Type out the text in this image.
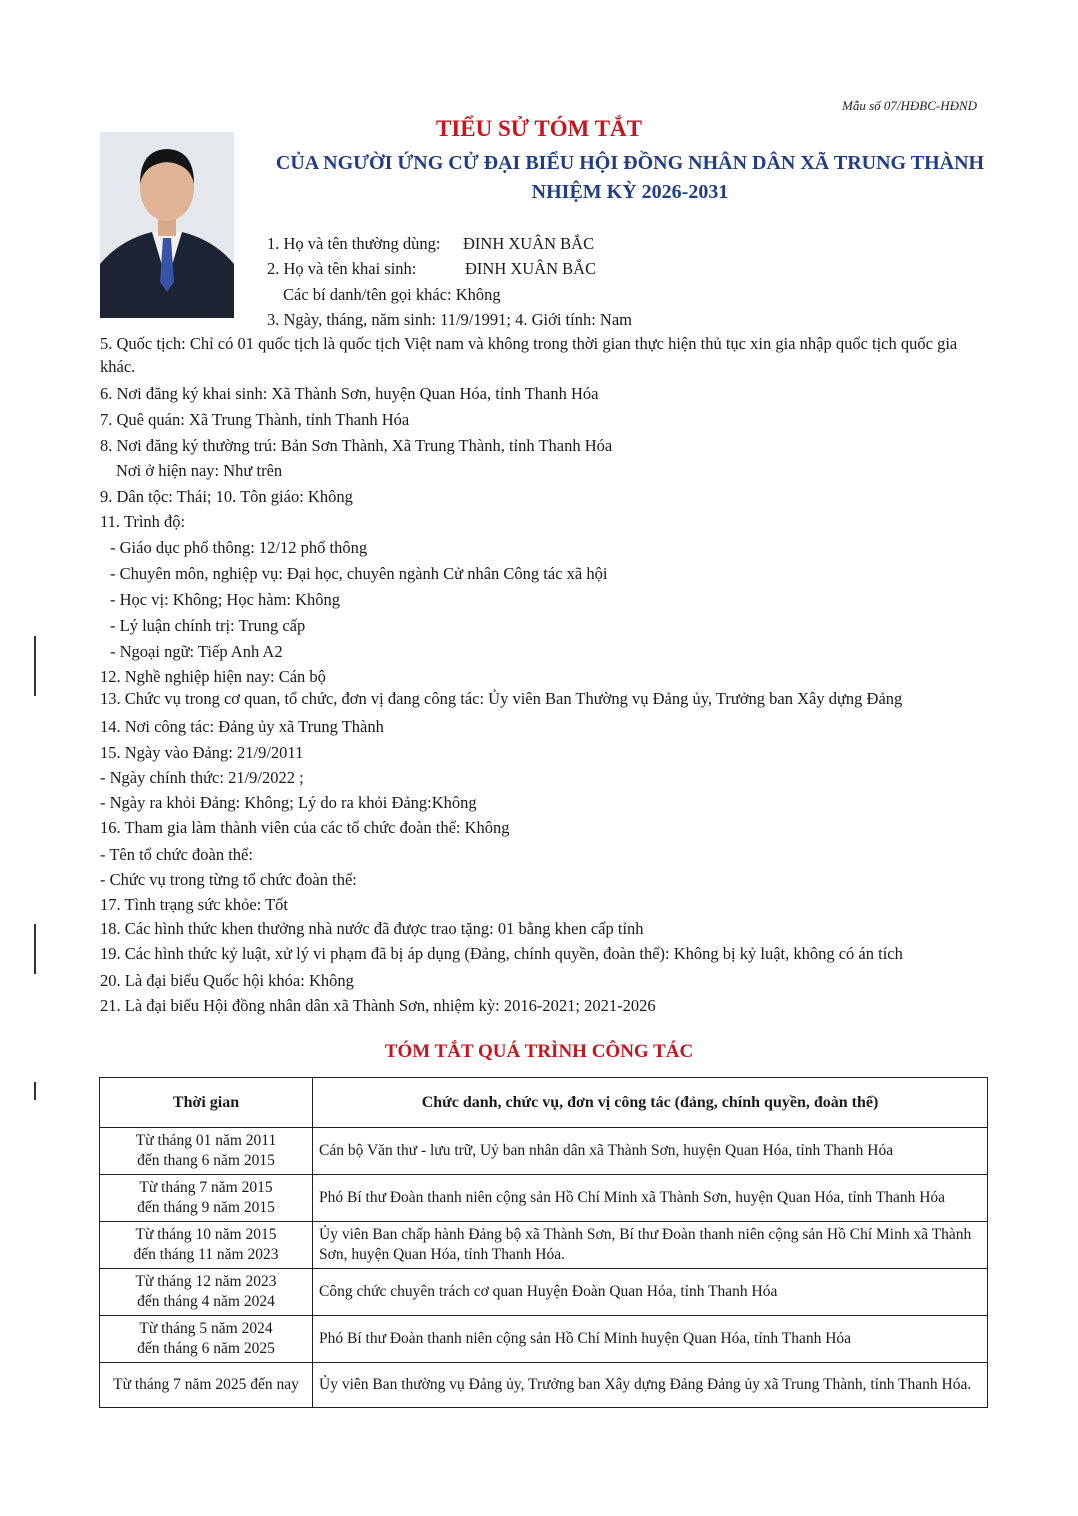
Mẫu số 07/HĐBC-HĐND
TIỂU SỬ TÓM TẮT
CỦA NGƯỜI ỨNG CỬ ĐẠI BIỂU HỘI ĐỒNG NHÂN DÂN XÃ TRUNG THÀNH
NHIỆM KỲ 2026-2031
1. Họ và tên thường dùng: ĐINH XUÂN BẮC
2. Họ và tên khai sinh:	ĐINH XUÂN BẮC
Các bí danh/tên gọi khác: Không
3. Ngày, tháng, năm sinh: 11/9/1991; 4. Giới tính: Nam
5. Quốc tịch: Chỉ có 01 quốc tịch là quốc tịch Việt nam và không trong thời gian thực hiện thủ tục xin gia nhập quốc tịch quốc gia khác.
6. Nơi đăng ký khai sinh: Xã Thành Sơn, huyện Quan Hóa, tỉnh Thanh Hóa
7. Quê quán: Xã Trung Thành, tỉnh Thanh Hóa
8. Nơi đăng ký thường trú: Bản Sơn Thành, Xã Trung Thành, tỉnh Thanh Hóa
Nơi ở hiện nay: Như trên
9. Dân tộc: Thái; 10. Tôn giáo: Không
11. Trình độ:
- Giáo dục phổ thông: 12/12 phổ thông
- Chuyên môn, nghiệp vụ: Đại học, chuyên ngành Cử nhân Công tác xã hội
- Học vị: Không; Học hàm: Không
- Lý luận chính trị: Trung cấp
- Ngoại ngữ: Tiếp Anh A2
12. Nghề nghiệp hiện nay: Cán bộ
13. Chức vụ trong cơ quan, tổ chức, đơn vị đang công tác: Ủy viên Ban Thường vụ Đảng ủy, Trưởng ban Xây dựng Đảng
14. Nơi công tác: Đảng ủy xã Trung Thành
15. Ngày vào Đảng: 21/9/2011
- Ngày chính thức: 21/9/2022 ;
- Ngày ra khỏi Đảng: Không; Lý do ra khỏi Đảng:Không
16. Tham gia làm thành viên của các tổ chức đoàn thể: Không
- Tên tổ chức đoàn thể:
- Chức vụ trong từng tổ chức đoàn thể:
17. Tình trạng sức khỏe: Tốt
18. Các hình thức khen thưởng nhà nước đã được trao tặng: 01 bằng khen cấp tỉnh
19. Các hình thức kỷ luật, xử lý vi phạm đã bị áp dụng (Đảng, chính quyền, đoàn thể): Không bị kỷ luật, không có án tích
20. Là đại biểu Quốc hội khóa: Không
21. Là đại biểu Hội đồng nhân dân xã Thành Sơn, nhiệm kỳ: 2016-2021; 2021-2026
TÓM TẮT QUÁ TRÌNH CÔNG TÁC
Thời gian	Chức danh, chức vụ, đơn vị công tác (đảng, chính quyền, đoàn thể)

Từ tháng 01 năm 2011
đến thang 6 năm 2015	Cán bộ Văn thư - lưu trữ, Uỷ ban nhân dân xã Thành Sơn, huyện Quan Hóa, tỉnh Thanh Hóa

Từ tháng 7 năm 2015
đến tháng 9 năm 2015	Phó Bí thư Đoàn thanh niên cộng sản Hồ Chí Minh xã Thành Sơn, huyện Quan Hóa, tỉnh Thanh Hóa

Từ tháng 10 năm 2015
đến tháng 11 năm 2023	Ủy viên Ban chấp hành Đảng bộ xã Thành Sơn, Bí thư Đoàn thanh niên cộng sản Hồ Chí Minh xã Thành Sơn, huyện Quan Hóa, tỉnh Thanh Hóa.

Từ tháng 12 năm 2023
đến tháng 4 năm 2024	Công chức chuyên trách cơ quan Huyện Đoàn Quan Hóa, tỉnh Thanh Hóa

Từ tháng 5 năm 2024
đến tháng 6 năm 2025	Phó Bí thư Đoàn thanh niên cộng sản Hồ Chí Minh huyện Quan Hóa, tỉnh Thanh Hóa

Từ tháng 7 năm 2025 đến nay	Ủy viên Ban thường vụ Đảng ủy, Trưởng ban Xây dựng Đảng Đảng ủy xã Trung Thành, tỉnh Thanh Hóa.
